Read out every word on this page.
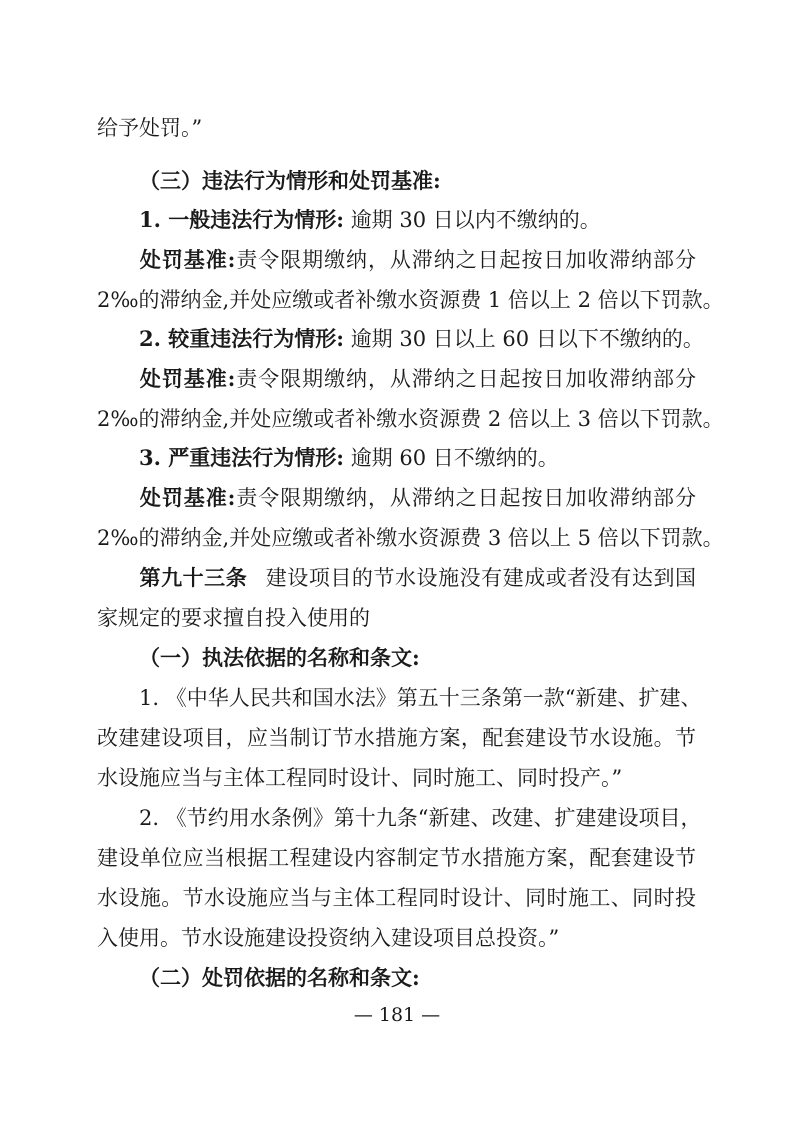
给予处罚。”
（三）违法行为情形和处罚基准:
1. 一般违法行为情形: 逾期 30 日以内不缴纳的。
处罚基准:责令限期缴纳，从滞纳之日起按日加收滞纳部分
2‰的滞纳金,并处应缴或者补缴水资源费 1 倍以上 2 倍以下罚款。
2. 较重违法行为情形: 逾期 30 日以上 60 日以下不缴纳的。
处罚基准:责令限期缴纳，从滞纳之日起按日加收滞纳部分
2‰的滞纳金,并处应缴或者补缴水资源费 2 倍以上 3 倍以下罚款。
3. 严重违法行为情形: 逾期 60 日不缴纳的。
处罚基准:责令限期缴纳，从滞纳之日起按日加收滞纳部分
2‰的滞纳金,并处应缴或者补缴水资源费 3 倍以上 5 倍以下罚款。
第九十三条 建设项目的节水设施没有建成或者没有达到国
家规定的要求擅自投入使用的
（一）执法依据的名称和条文:
1. 《中华人民共和国水法》第五十三条第一款“新建、扩建、
改建建设项目，应当制订节水措施方案，配套建设节水设施。节
水设施应当与主体工程同时设计、同时施工、同时投产。”
2. 《节约用水条例》第十九条“新建、改建、扩建建设项目，
建设单位应当根据工程建设内容制定节水措施方案，配套建设节
水设施。节水设施应当与主体工程同时设计、同时施工、同时投
入使用。节水设施建设投资纳入建设项目总投资。”
（二）处罚依据的名称和条文:
— 181 —
